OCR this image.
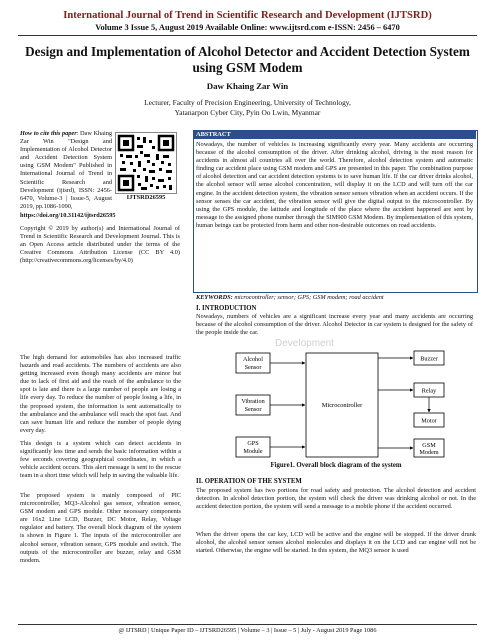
International Journal of Trend in Scientific Research and Development (IJTSRD)
Volume 3 Issue 5, August 2019 Available Online: www.ijtsrd.com e-ISSN: 2456 – 6470
Design and Implementation of Alcohol Detector and Accident Detection System using GSM Modem
Daw Khaing Zar Win
Lecturer, Faculty of Precision Engineering, University of Technology,
Yatanarpon Cyber City, Pyin Oo Lwin, Myanmar
How to cite this paper: Daw Khaing Zar Win "Design and Implementation of Alcohol Detector and Accident Detection System using GSM Modem" Published in International Journal of Trend in Scientific Research and Development (ijtsrd), ISSN: 2456-6470, Volume-3 | Issue-5, August 2019, pp.1086-1090,
IJTSRD26595
https://doi.org/10.31142/ijtsrd26595
Copyright © 2019 by author(s) and International Journal of Trend in Scientific Research and Development Journal. This is an Open Access article distributed under the terms of the Creative Commons Attribution License (CC BY 4.0) (http://creativecommons.org/licenses/by/4.0)
ABSTRACT
Nowadays, the number of vehicles is increasing significantly every year. Many accidents are occurring because of the alcohol consumption of the driver. After drinking alcohol, driving is the most reason for accidents in almost all countries all over the world. Therefore, alcohol detection system and automatic finding car accident place using GSM modem and GPS are presented in this paper. The combination purpose of alcohol detection and car accident detection systems is to save human life. If the car driver drinks alcohol, the alcohol sensor will sense alcohol concentration, will display it on the LCD and will turn off the car engine. In the accident detection system, the vibration sensor senses vibration when an accident occurs. If the sensor senses the car accident, the vibration sensor will give the digital output to the microcontroller. By using the GPS module, the latitude and longitude of the place where the accident happened are sent by message to the assigned phone number through the SIM900 GSM Modem. By implementation of this system, human beings can be protected from harm and other non-desirable outcomes on road accidents.
KEYWORDS: microcontroller; sensor; GPS; GSM modem; road accident
I. INTRODUCTION
Nowadays, numbers of vehicles are a significant increase every year and many accidents are occurring because of the alcohol consumption of the driver. Alcohol Detector in car system is designed for the safety of the people inside the car.
Development
The high demand for automobiles has also increased traffic hazards and road accidents. The numbers of accidents are also getting increased even though many accidents are minor but due to lack of first aid and the reach of the ambulance to the spot is late and there is a large number of people are losing a life every day. To reduce the number of people losing a life, in the proposed system, the information is sent automatically to the ambulance and the ambulance will reach the spot fast. And can save human life and reduce the number of people dying every day.
This design is a system which can detect accidents in significantly less time and sends the basic information within a few seconds covering geographical coordinates, in which a vehicle accident occurs. This alert message is sent to the rescue team in a short time which will help in saving the valuable life.
The proposed system is mainly composed of PIC microcontroller, MQ3-Alcohol gas sensor, vibration sensor, GSM modem and GPS module. Other necessary components are 16x2 Line LCD, Buzzer, DC Motor, Relay, Voltage regulator and battery. The overall block diagram of the system is shown in Figure 1. The inputs of the microcontroller are alcohol sensor, vibration sensor, GPS module and switch. The outputs of the microcontroller are buzzer, relay and GSM modem.
Alcohol
Sensor
Vibration
Sensor
GPS
Module
Microcontroller
Buzzer
Relay
Motor
GSM
Modem
Figure1. Overall block diagram of the system
II. OPERATION OF THE SYSTEM
The proposed system has two portions for road safety and protection. The alcohol detection and accident detection. In alcohol detection portion, the system will check the driver was drinking alcohol or not. In the accident detection portion, the system will send a message to a mobile phone if the accident occurred.
When the driver opens the car key, LCD will be active and the engine will be stopped. If the driver drunk alcohol, the alcohol sensor senses alcohol molecules and displays it on the LCD and car engine will not be started. Otherwise, the engine will be started. In this system, the MQ3 sensor is used
@ IJTSRD | Unique Paper ID – IJTSRD26595 | Volume – 3 | Issue – 5 | July - August 2019 Page 1086
